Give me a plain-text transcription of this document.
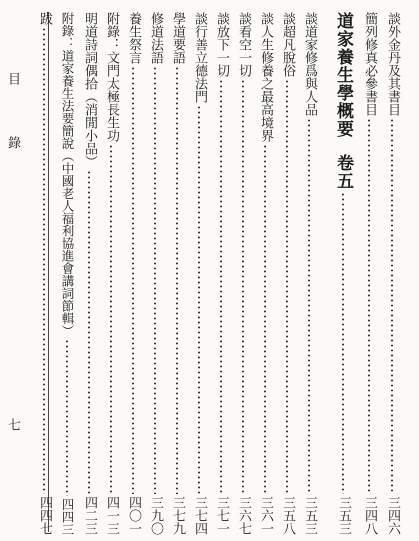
目
錄
七
談外金丹及其書目
三四六
簡列修真必參書目
三四八
道家養生學概要
卷五
三五三
談道家修爲與人品
三五三
談超凡脫俗
三五八
談人生修養之最高境界
三六一
談看空一切
三六七
談放下一切
三七一
談行善立德法門
三七四
學道要語
三七九
修道法語
三九〇
養生祭言
四〇一
附錄：文門太極長生功
四一三
明道詩詞偶拾（消閒小品）
四二三
附錄：道家養生法要簡說（中國老人福利協進會講詞節輯）
四四三
跋
四四七
